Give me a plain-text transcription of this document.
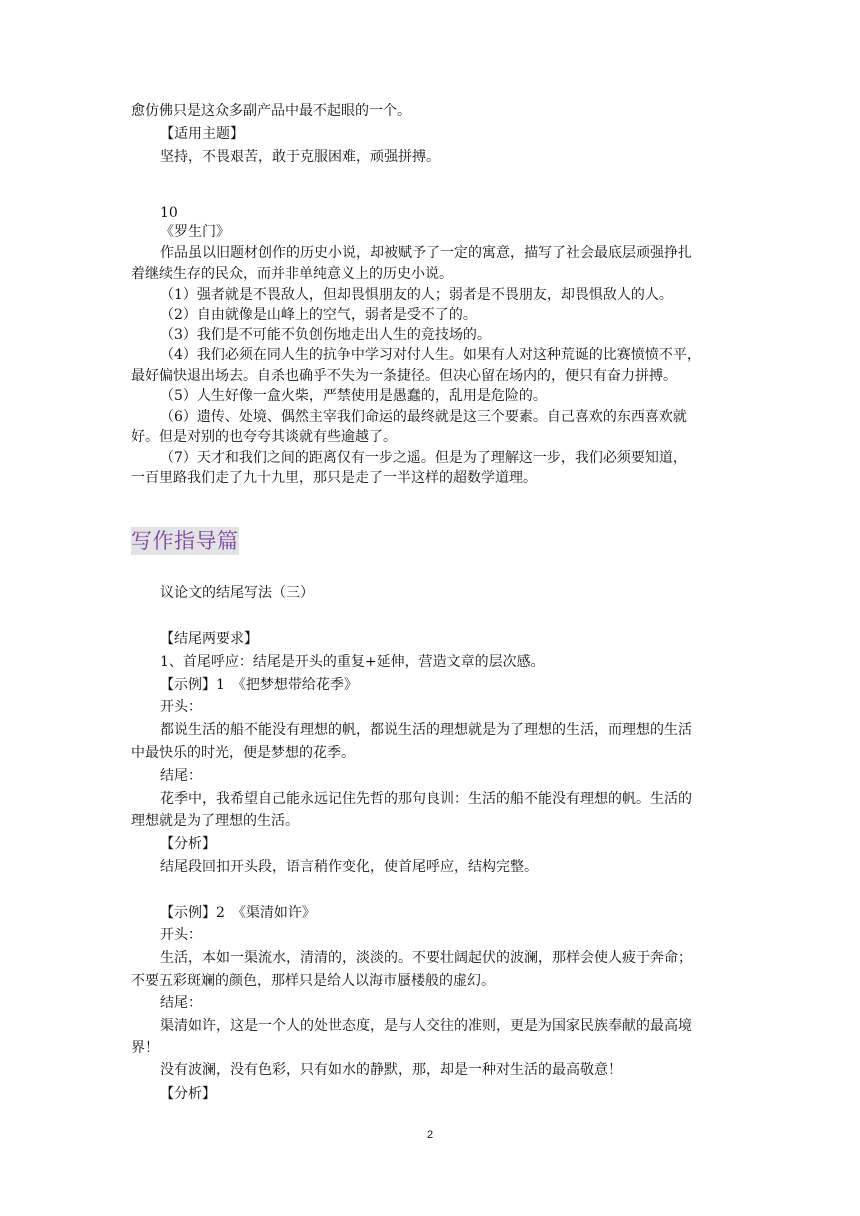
愈仿佛只是这众多副产品中最不起眼的一个。

【适用主题】

坚持，不畏艰苦，敢于克服困难，顽强拼搏。

10

《罗生门》

作品虽以旧题材创作的历史小说，却被赋予了一定的寓意，描写了社会最底层顽强挣扎

着继续生存的民众，而并非单纯意义上的历史小说。

（1）强者就是不畏敌人，但却畏惧朋友的人；弱者是不畏朋友，却畏惧敌人的人。

（2）自由就像是山峰上的空气，弱者是受不了的。

（3）我们是不可能不负创伤地走出人生的竞技场的。

（4）我们必须在同人生的抗争中学习对付人生。如果有人对这种荒诞的比赛愤愤不平，

最好偏快退出场去。自杀也确乎不失为一条捷径。但决心留在场内的，便只有奋力拼搏。

（5）人生好像一盒火柴，严禁使用是愚蠢的，乱用是危险的。

（6）遗传、处境、偶然主宰我们命运的最终就是这三个要素。自己喜欢的东西喜欢就

好。但是对别的也夸夸其谈就有些逾越了。

（7）天才和我们之间的距离仅有一步之遥。但是为了理解这一步，我们必须要知道，

一百里路我们走了九十九里，那只是走了一半这样的超数学道理。

写作指导篇

议论文的结尾写法（三）

【结尾两要求】

1、首尾呼应：结尾是开头的重复+延伸，营造文章的层次感。

【示例】1　《把梦想带给花季》

开头：

都说生活的船不能没有理想的帆，都说生活的理想就是为了理想的生活，而理想的生活

中最快乐的时光，便是梦想的花季。

结尾：

花季中，我希望自己能永远记住先哲的那句良训：生活的船不能没有理想的帆。生活的

理想就是为了理想的生活。

【分析】

结尾段回扣开头段，语言稍作变化，使首尾呼应，结构完整。

【示例】2　《渠清如许》

开头：

生活，本如一渠流水，清清的，淡淡的。不要壮阔起伏的波澜，那样会使人疲于奔命；

不要五彩斑斓的颜色，那样只是给人以海市蜃楼般的虚幻。

结尾：

渠清如许，这是一个人的处世态度，是与人交往的准则，更是为国家民族奉献的最高境

界！

没有波澜，没有色彩，只有如水的静默，那，却是一种对生活的最高敬意！

【分析】

2
